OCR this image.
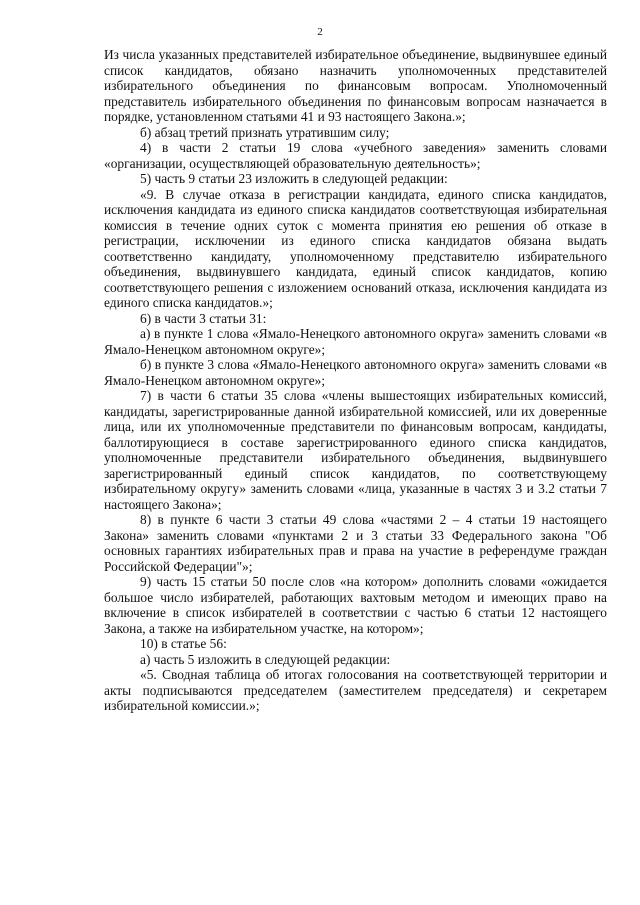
2

Из числа указанных представителей избирательное объединение, выдвинувшее единый список кандидатов, обязано назначить уполномоченных представителей избирательного объединения по финансовым вопросам. Уполномоченный представитель избирательного объединения по финансовым вопросам назначается в порядке, установленном статьями 41 и 93 настоящего Закона.»;

б) абзац третий признать утратившим силу;

4) в части 2 статьи 19 слова «учебного заведения» заменить словами «организации, осуществляющей образовательную деятельность»;

5) часть 9 статьи 23 изложить в следующей редакции:

«9. В случае отказа в регистрации кандидата, единого списка кандидатов, исключения кандидата из единого списка кандидатов соответствующая избирательная комиссия в течение одних суток с момента принятия ею решения об отказе в регистрации, исключении из единого списка кандидатов обязана выдать соответственно кандидату, уполномоченному представителю избирательного объединения, выдвинувшего кандидата, единый список кандидатов, копию соответствующего решения с изложением оснований отказа, исключения кандидата из единого списка кандидатов.»;

6) в части 3 статьи 31:

а) в пункте 1 слова «Ямало-Ненецкого автономного округа» заменить словами «в Ямало-Ненецком автономном округе»;

б) в пункте 3 слова «Ямало-Ненецкого автономного округа» заменить словами «в Ямало-Ненецком автономном округе»;

7) в части 6 статьи 35 слова «члены вышестоящих избирательных комиссий, кандидаты, зарегистрированные данной избирательной комиссией, или их доверенные лица, или их уполномоченные представители по финансовым вопросам, кандидаты, баллотирующиеся в составе зарегистрированного единого списка кандидатов, уполномоченные представители избирательного объединения, выдвинувшего зарегистрированный единый список кандидатов, по соответствующему избирательному округу» заменить словами «лица, указанные в частях 3 и 3.2 статьи 7 настоящего Закона»;

8) в пункте 6 части 3 статьи 49 слова «частями 2 – 4 статьи 19 настоящего Закона» заменить словами «пунктами 2 и 3 статьи 33 Федерального закона "Об основных гарантиях избирательных прав и права на участие в референдуме граждан Российской Федерации"»;

9) часть 15 статьи 50 после слов «на котором» дополнить словами «ожидается большое число избирателей, работающих вахтовым методом и имеющих право на включение в список избирателей в соответствии с частью 6 статьи 12 настоящего Закона, а также на избирательном участке, на котором»;

10) в статье 56:

а) часть 5 изложить в следующей редакции:

«5. Сводная таблица об итогах голосования на соответствующей территории и акты подписываются председателем (заместителем председателя) и секретарем избирательной комиссии.»;
